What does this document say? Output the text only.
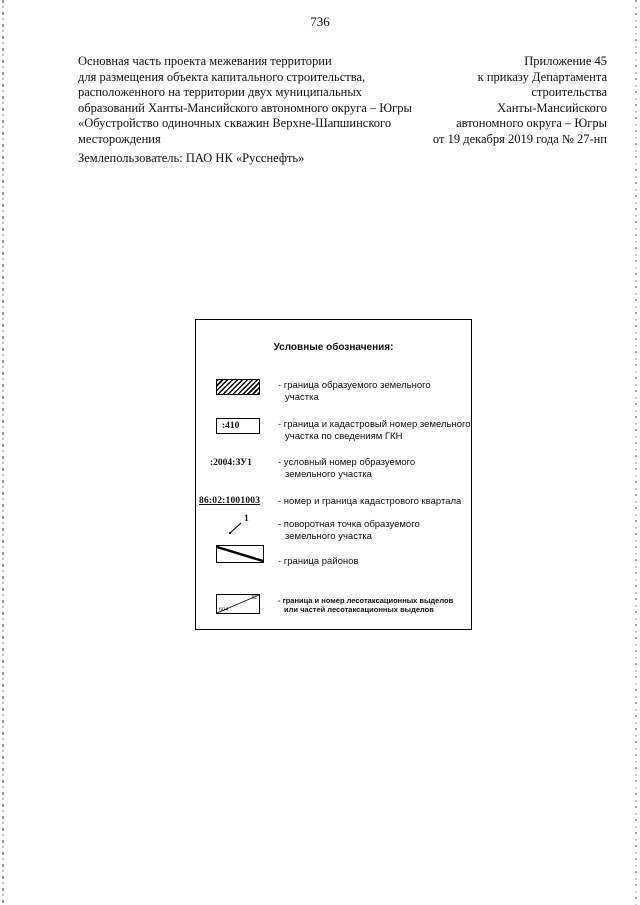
736
Основная часть проекта межевания территории
для размещения объекта капитального строительства,
расположенного на территории двух муниципальных
образований Ханты-Мансийского автономного округа – Югры
«Обустройство одиночных скважин Верхне-Шапшинского
месторождения
Землепользователь: ПАО НК «Русснефть»
Приложение 45
к приказу Департамента
строительства
Ханты-Мансийского
автономного округа – Югры
от 19 декабря 2019 года № 27-нп
Условные обозначения:
- граница образуемого земельного
участка
:410	- граница и кадастровый номер земельного
участка по сведениям ГКН
:2004:ЗУ1	- условный номер образуемого
земельного участка
86:02:1001003 - номер и граница кадастрового квартала
1	- поворотная точка образуемого
земельного участка
- граница районов
604
32	- граница и номер лесотаксационных выделов
или частей лесотаксационных выделов
